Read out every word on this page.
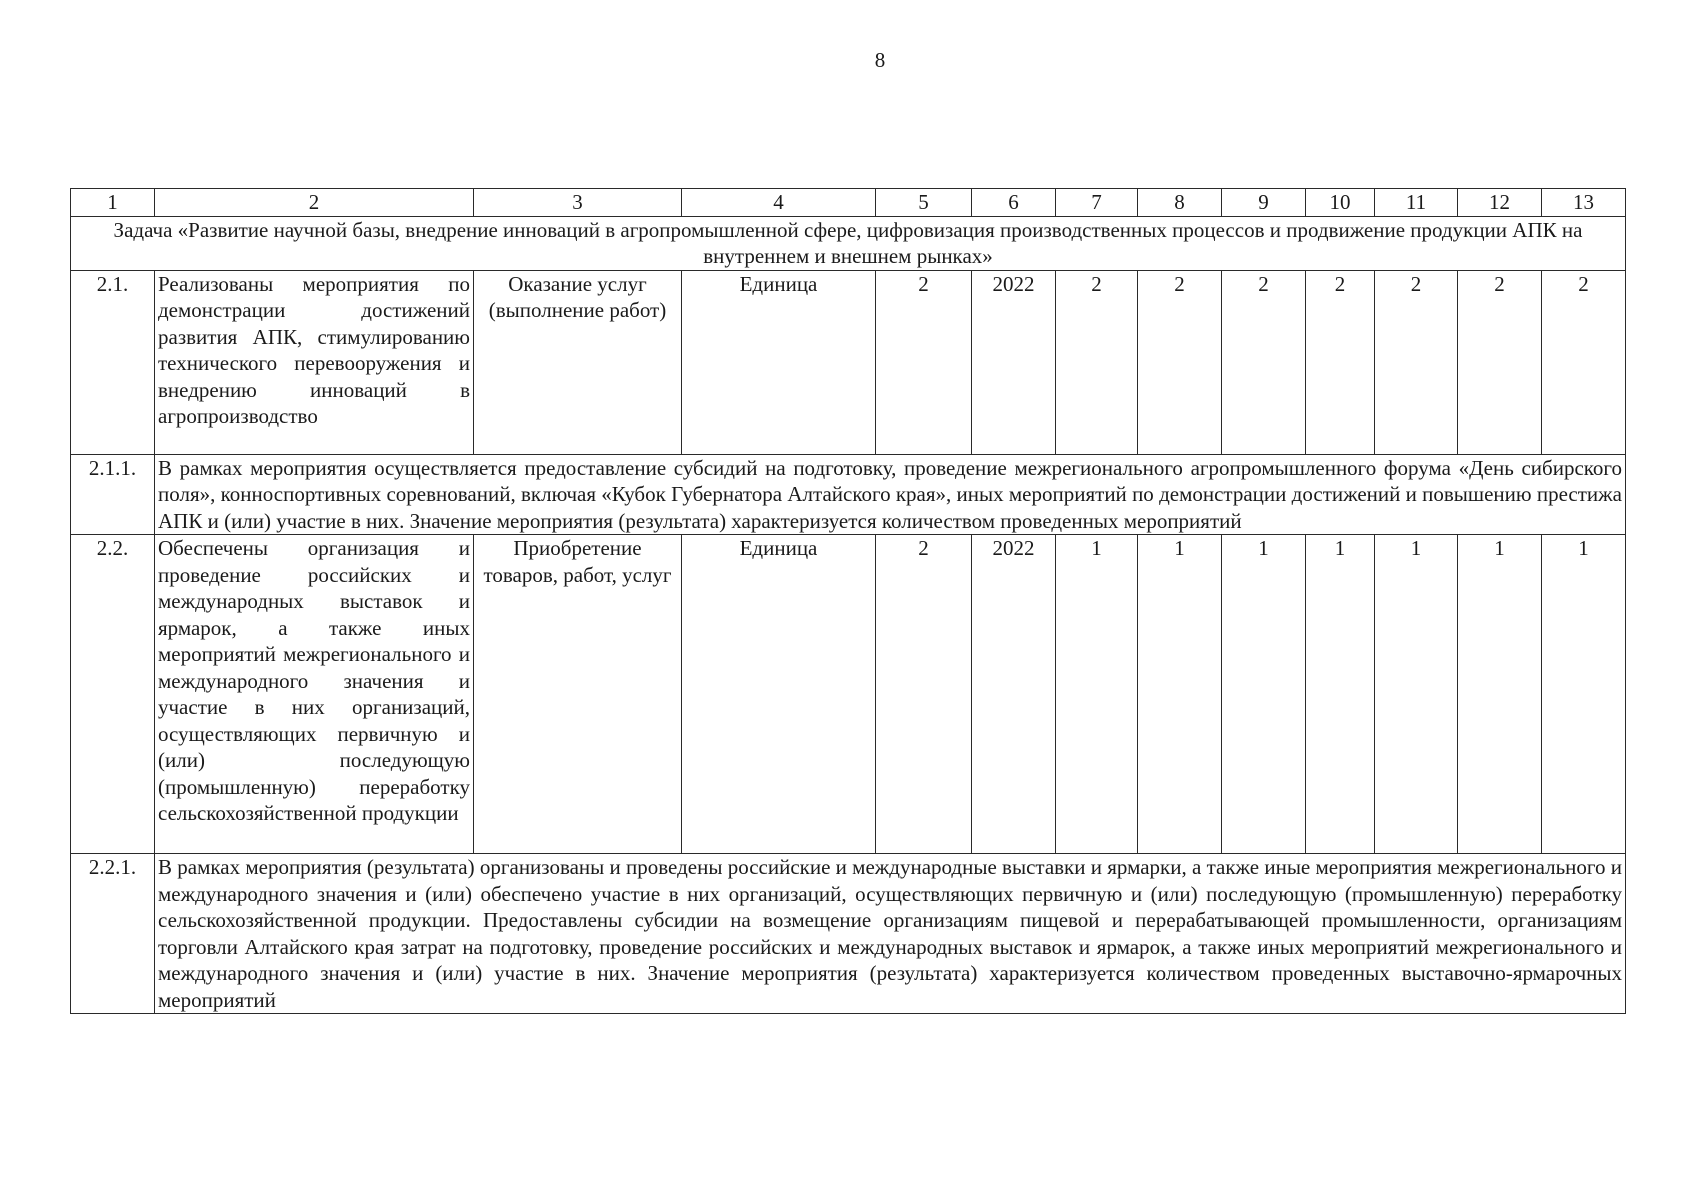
8
1	2	3	4	5	6	7	8	9	10	11	12	13
Задача «Развитие научной базы, внедрение инноваций в агропромышленной сфере, цифровизация производственных процессов и продвижение продукции АПК на внутреннем и внешнем рынках»												
2.1.	Реализованы мероприятия по демонстрации достижений развития АПК, стимулированию технического перевооружения и внедрению инноваций в агропроизводство	Оказание услуг (выполнение работ)	Единица	2	2022	2	2	2	2	2	2	2
2.1.1.	В рамках мероприятия осуществляется предоставление субсидий на подготовку, проведение межрегионального агропромышленного форума «День сибирского поля», конноспортивных соревнований, включая «Кубок Губернатора Алтайского края», иных мероприятий по демонстрации достижений и повышению престижа АПК и (или) участие в них. Значение мероприятия (результата) характеризуется количеством проведенных мероприятий											
2.2.	Обеспечены организация и проведение российских и международных выставок и ярмарок, а также иных мероприятий межрегионального и международного значения и участие в них организаций, осуществляющих первичную и (или) последующую (промышленную) переработку сельскохозяйственной продукции	Приобретение товаров, работ, услуг	Единица	2	2022	1	1	1	1	1	1	1
2.2.1.	В рамках мероприятия (результата) организованы и проведены российские и международные выставки и ярмарки, а также иные мероприятия межрегионального и международного значения и (или) обеспечено участие в них организаций, осуществляющих первичную и (или) последующую (промышленную) переработку сельскохозяйственной продукции. Предоставлены субсидии на возмещение организациям пищевой и перерабатывающей промышленности, организациям торговли Алтайского края затрат на подготовку, проведение российских и международных выставок и ярмарок, а также иных мероприятий межрегионального и международного значения и (или) участие в них. Значение мероприятия (результата) характеризуется количеством проведенных выставочно-ярмарочных мероприятий											
